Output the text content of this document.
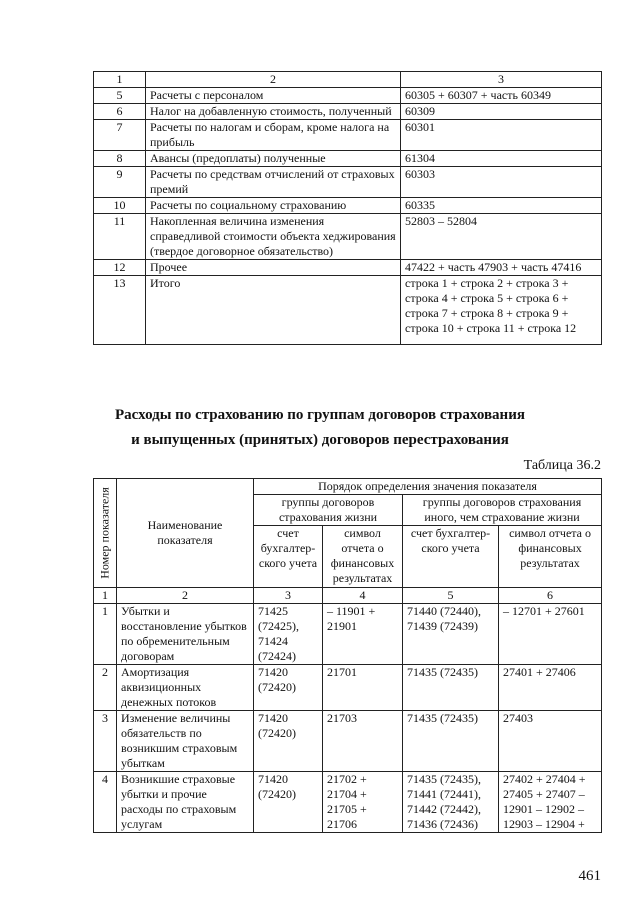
1	2	3
5	Расчеты с персоналом	60305 + 60307 + часть 60349
6	Налог на добавленную стоимость, полученный	60309
7	Расчеты по налогам и сборам, кроме налога на прибыль	60301
8	Авансы (предоплаты) полученные	61304
9	Расчеты по средствам отчислений от страховых премий	60303
10	Расчеты по социальному страхованию	60335
11	Накопленная величина изменения справедливой стоимости объекта хеджирования (твердое договорное обязательство)	52803 – 52804
12	Прочее	47422 + часть 47903 + часть 47416
13	Итого	строка 1 + строка 2 + строка 3 + строка 4 + строка 5 + строка 6 + строка 7 + строка 8 + строка 9 + строка 10 + строка 11 + строка 12
Расходы по страхованию по группам договоров страхования
и выпущенных (принятых) договоров перестрахования
Таблица 36.2
Номер показателя	Наименование показателя	Порядок определения значения показателя			
		группы договоров страхования жизни		группы договоров страхования иного, чем страхование жизни	
		счет бухгалтер-ского учета	символ отчета о финансовых результатах	счет бухгалтер-ского учета	символ отчета о финансовых результатах
1	2	3	4	5	6
1	Убытки и восстановление убытков по обременительным договорам	71425 (72425), 71424 (72424)	– 11901 + 21901	71440 (72440), 71439 (72439)	– 12701 + 27601
2	Амортизация аквизиционных денежных потоков	71420 (72420)	21701	71435 (72435)	27401 + 27406
3	Изменение величины обязательств по возникшим страховым убыткам	71420 (72420)	21703	71435 (72435)	27403
4	Возникшие страховые убытки и прочие расходы по страховым услугам	71420 (72420)	21702 + 21704 + 21705 + 21706	71435 (72435), 71441 (72441), 71442 (72442), 71436 (72436)	27402 + 27404 + 27405 + 27407 – 12901 – 12902 – 12903 – 12904 +
461
